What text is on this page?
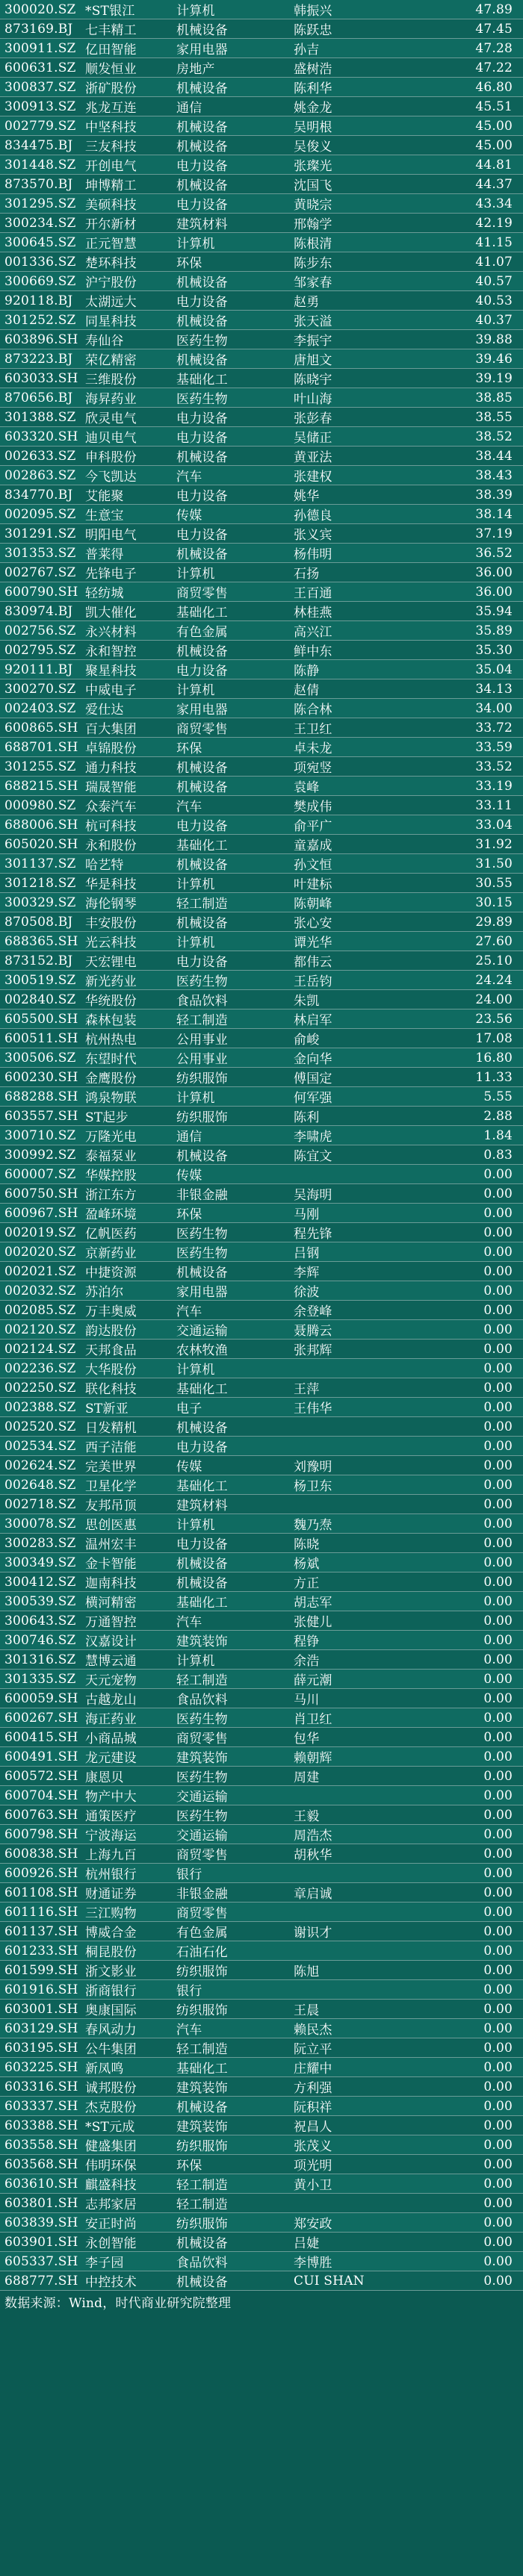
300020.SZ	*ST银江	计算机	韩振兴	47.89
873169.BJ	七丰精工	机械设备	陈跃忠	47.45
300911.SZ	亿田智能	家用电器	孙吉	47.28
600631.SZ	顺发恒业	房地产	盛树浩	47.22
300837.SZ	浙矿股份	机械设备	陈利华	46.80
300913.SZ	兆龙互连	通信	姚金龙	45.51
002779.SZ	中坚科技	机械设备	吴明根	45.00
834475.BJ	三友科技	机械设备	吴俊义	45.00
301448.SZ	开创电气	电力设备	张璨光	44.81
873570.BJ	坤博精工	机械设备	沈国飞	44.37
301295.SZ	美硕科技	电力设备	黄晓宗	43.34
300234.SZ	开尔新材	建筑材料	邢翰学	42.19
300645.SZ	正元智慧	计算机	陈根清	41.15
001336.SZ	楚环科技	环保	陈步东	41.07
300669.SZ	沪宁股份	机械设备	邹家春	40.57
920118.BJ	太湖远大	电力设备	赵勇	40.53
301252.SZ	同星科技	机械设备	张天溢	40.37
603896.SH	寿仙谷	医药生物	李振宇	39.88
873223.BJ	荣亿精密	机械设备	唐旭文	39.46
603033.SH	三维股份	基础化工	陈晓宇	39.19
870656.BJ	海昇药业	医药生物	叶山海	38.85
301388.SZ	欣灵电气	电力设备	张彭春	38.55
603320.SH	迪贝电气	电力设备	吴储正	38.52
002633.SZ	申科股份	机械设备	黄亚法	38.44
002863.SZ	今飞凯达	汽车	张建权	38.43
834770.BJ	艾能聚	电力设备	姚华	38.39
002095.SZ	生意宝	传媒	孙德良	38.14
301291.SZ	明阳电气	电力设备	张义宾	37.19
301353.SZ	普莱得	机械设备	杨伟明	36.52
002767.SZ	先锋电子	计算机	石扬	36.00
600790.SH	轻纺城	商贸零售	王百通	36.00
830974.BJ	凯大催化	基础化工	林桂燕	35.94
002756.SZ	永兴材料	有色金属	高兴江	35.89
002795.SZ	永和智控	机械设备	鲜中东	35.30
920111.BJ	聚星科技	电力设备	陈静	35.04
300270.SZ	中威电子	计算机	赵倩	34.13
002403.SZ	爱仕达	家用电器	陈合林	34.00
600865.SH	百大集团	商贸零售	王卫红	33.72
688701.SH	卓锦股份	环保	卓未龙	33.59
301255.SZ	通力科技	机械设备	项宛竖	33.52
688215.SH	瑞晟智能	机械设备	袁峰	33.19
000980.SZ	众泰汽车	汽车	樊成伟	33.11
688006.SH	杭可科技	电力设备	俞平广	33.04
605020.SH	永和股份	基础化工	童嘉成	31.92
301137.SZ	哈艺特	机械设备	孙文恒	31.50
301218.SZ	华是科技	计算机	叶建标	30.55
300329.SZ	海伦钢琴	轻工制造	陈朝峰	30.15
870508.BJ	丰安股份	机械设备	张心安	29.89
688365.SH	光云科技	计算机	谭光华	27.60
873152.BJ	天宏锂电	电力设备	都伟云	25.10
300519.SZ	新光药业	医药生物	王岳钧	24.24
002840.SZ	华统股份	食品饮料	朱凯	24.00
605500.SH	森林包装	轻工制造	林启军	23.56
600511.SH	杭州热电	公用事业	俞峻	17.08
300506.SZ	东望时代	公用事业	金向华	16.80
600230.SH	金鹰股份	纺织服饰	傅国定	11.33
688288.SH	鸿泉物联	计算机	何军强	5.55
603557.SH	ST起步	纺织服饰	陈利	2.88
300710.SZ	万隆光电	通信	李啸虎	1.84
300992.SZ	泰福泵业	机械设备	陈宜文	0.83
600007.SZ	华媒控股	传媒		0.00
600750.SH	浙江东方	非银金融	吴海明	0.00
600967.SH	盈峰环境	环保	马刚	0.00
002019.SZ	亿帆医药	医药生物	程先锋	0.00
002020.SZ	京新药业	医药生物	吕钢	0.00
002021.SZ	中捷资源	机械设备	李辉	0.00
002032.SZ	苏泊尔	家用电器	徐波	0.00
002085.SZ	万丰奥威	汽车	余登峰	0.00
002120.SZ	韵达股份	交通运输	聂腾云	0.00
002124.SZ	天邦食品	农林牧渔	张邦辉	0.00
002236.SZ	大华股份	计算机		0.00
002250.SZ	联化科技	基础化工	王萍	0.00
002388.SZ	ST新亚	电子	王伟华	0.00
002520.SZ	日发精机	机械设备		0.00
002534.SZ	西子洁能	电力设备		0.00
002624.SZ	完美世界	传媒	刘豫明	0.00
002648.SZ	卫星化学	基础化工	杨卫东	0.00
002718.SZ	友邦吊顶	建筑材料		0.00
300078.SZ	思创医惠	计算机	魏乃焘	0.00
300283.SZ	温州宏丰	电力设备	陈晓	0.00
300349.SZ	金卡智能	机械设备	杨斌	0.00
300412.SZ	迦南科技	机械设备	方正	0.00
300539.SZ	横河精密	基础化工	胡志军	0.00
300643.SZ	万通智控	汽车	张健儿	0.00
300746.SZ	汉嘉设计	建筑装饰	程铮	0.00
301316.SZ	慧博云通	计算机	余浩	0.00
301335.SZ	天元宠物	轻工制造	薛元潮	0.00
600059.SH	古越龙山	食品饮料	马川	0.00
600267.SH	海正药业	医药生物	肖卫红	0.00
600415.SH	小商品城	商贸零售	包华	0.00
600491.SH	龙元建设	建筑装饰	赖朝辉	0.00
600572.SH	康恩贝	医药生物	周建	0.00
600704.SH	物产中大	交通运输		0.00
600763.SH	通策医疗	医药生物	王毅	0.00
600798.SH	宁波海运	交通运输	周浩杰	0.00
600838.SH	上海九百	商贸零售	胡秋华	0.00
600926.SH	杭州银行	银行		0.00
601108.SH	财通证券	非银金融	章启诚	0.00
601116.SH	三江购物	商贸零售		0.00
601137.SH	博威合金	有色金属	谢识才	0.00
601233.SH	桐昆股份	石油石化		0.00
601599.SH	浙文影业	纺织服饰	陈旭	0.00
601916.SH	浙商银行	银行		0.00
603001.SH	奥康国际	纺织服饰	王晨	0.00
603129.SH	春风动力	汽车	赖民杰	0.00
603195.SH	公牛集团	轻工制造	阮立平	0.00
603225.SH	新凤鸣	基础化工	庄耀中	0.00
603316.SH	诚邦股份	建筑装饰	方利强	0.00
603337.SH	杰克股份	机械设备	阮积祥	0.00
603388.SH	*ST元成	建筑装饰	祝昌人	0.00
603558.SH	健盛集团	纺织服饰	张茂义	0.00
603568.SH	伟明环保	环保	项光明	0.00
603610.SH	麒盛科技	轻工制造	黄小卫	0.00
603801.SH	志邦家居	轻工制造		0.00
603839.SH	安正时尚	纺织服饰	郑安政	0.00
603901.SH	永创智能	机械设备	吕婕	0.00
605337.SH	李子园	食品饮料	李博胜	0.00
688777.SH	中控技术	机械设备	CUI SHAN	0.00
数据来源：Wind，时代商业研究院整理
